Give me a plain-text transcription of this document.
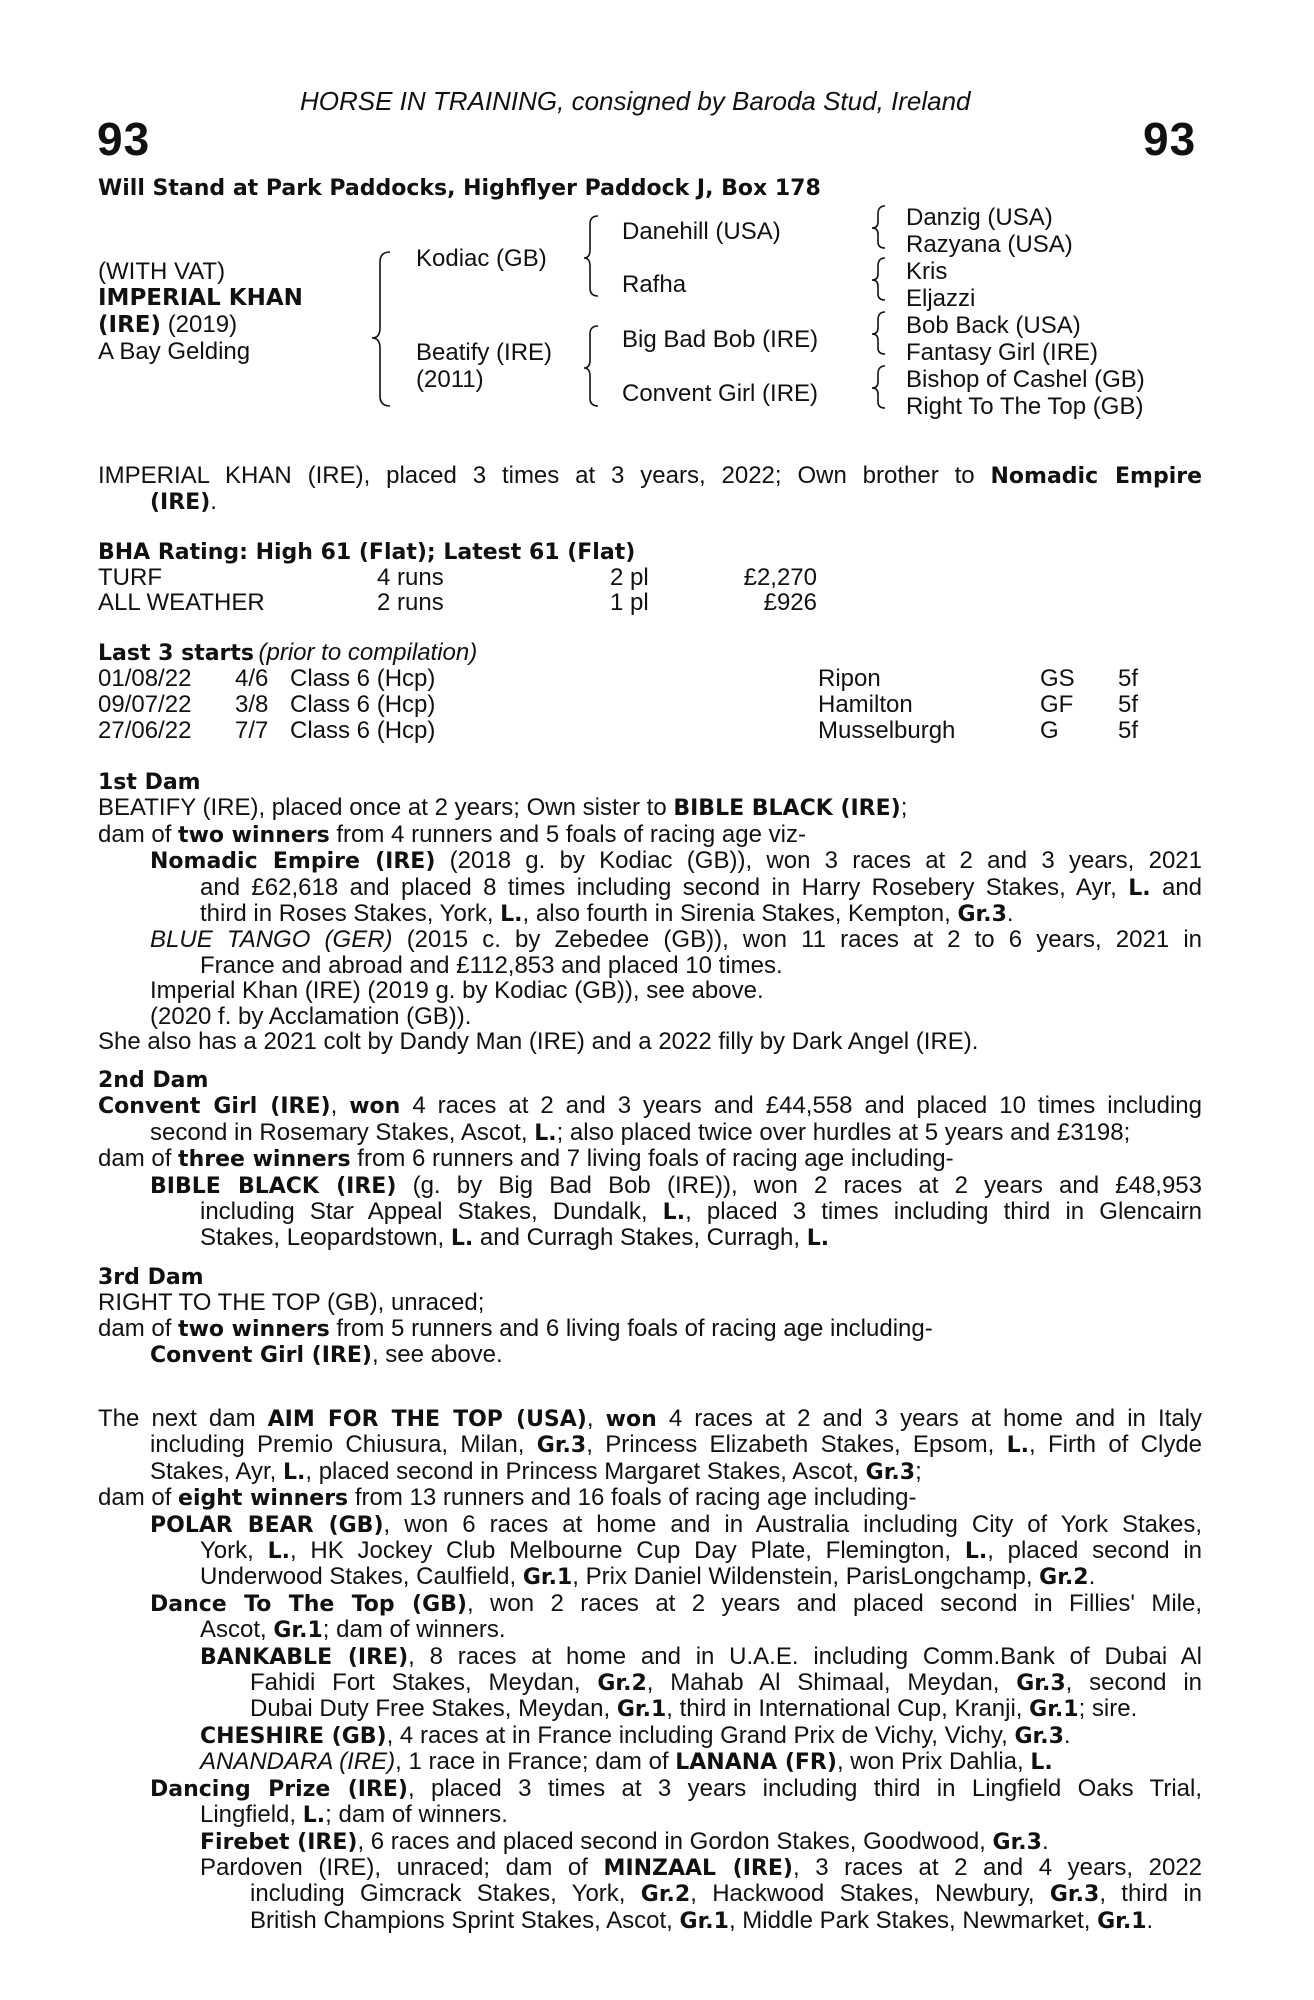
HORSE IN TRAINING, consigned by Baroda Stud, Ireland
93	93
Will Stand at Park Paddocks, Highflyer Paddock J, Box 178
(WITH VAT)
IMPERIAL KHAN
(IRE) (2019)
A Bay Gelding
Kodiac (GB)
Beatify (IRE)
(2011)
Danehill (USA)
Rafha
Big Bad Bob (IRE)
Convent Girl (IRE)
Danzig (USA)
Razyana (USA)
Kris
Eljazzi
Bob Back (USA)
Fantasy Girl (IRE)
Bishop of Cashel (GB)
Right To The Top (GB)
IMPERIAL KHAN (IRE), placed 3 times at 3 years, 2022; Own brother to Nomadic Empire
(IRE).
BHA Rating: High 61 (Flat); Latest 61 (Flat)
TURF	4 runs	2 pl	£2,270
ALL WEATHER	2 runs	1 pl	£926
Last 3 starts (prior to compilation)
01/08/22 4/6 Class 6 (Hcp)	Ripon	GS 5f
09/07/22 3/8 Class 6 (Hcp)	Hamilton	GF 5f
27/06/22 7/7 Class 6 (Hcp)	Musselburgh	G 5f
1st Dam
BEATIFY (IRE), placed once at 2 years; Own sister to BIBLE BLACK (IRE);
dam of two winners from 4 runners and 5 foals of racing age viz-
Nomadic Empire (IRE) (2018 g. by Kodiac (GB)), won 3 races at 2 and 3 years, 2021
and £62,618 and placed 8 times including second in Harry Rosebery Stakes, Ayr, L. and
third in Roses Stakes, York, L., also fourth in Sirenia Stakes, Kempton, Gr.3.
BLUE TANGO (GER) (2015 c. by Zebedee (GB)), won 11 races at 2 to 6 years, 2021 in
France and abroad and £112,853 and placed 10 times.
Imperial Khan (IRE) (2019 g. by Kodiac (GB)), see above.
(2020 f. by Acclamation (GB)).
She also has a 2021 colt by Dandy Man (IRE) and a 2022 filly by Dark Angel (IRE).
2nd Dam
Convent Girl (IRE), won 4 races at 2 and 3 years and £44,558 and placed 10 times including
second in Rosemary Stakes, Ascot, L.; also placed twice over hurdles at 5 years and £3198;
dam of three winners from 6 runners and 7 living foals of racing age including-
BIBLE BLACK (IRE) (g. by Big Bad Bob (IRE)), won 2 races at 2 years and £48,953
including Star Appeal Stakes, Dundalk, L., placed 3 times including third in Glencairn
Stakes, Leopardstown, L. and Curragh Stakes, Curragh, L.
3rd Dam
RIGHT TO THE TOP (GB), unraced;
dam of two winners from 5 runners and 6 living foals of racing age including-
Convent Girl (IRE), see above.
The next dam AIM FOR THE TOP (USA), won 4 races at 2 and 3 years at home and in Italy
including Premio Chiusura, Milan, Gr.3, Princess Elizabeth Stakes, Epsom, L., Firth of Clyde
Stakes, Ayr, L., placed second in Princess Margaret Stakes, Ascot, Gr.3;
dam of eight winners from 13 runners and 16 foals of racing age including-
POLAR BEAR (GB), won 6 races at home and in Australia including City of York Stakes,
York, L., HK Jockey Club Melbourne Cup Day Plate, Flemington, L., placed second in
Underwood Stakes, Caulfield, Gr.1, Prix Daniel Wildenstein, ParisLongchamp, Gr.2.
Dance To The Top (GB), won 2 races at 2 years and placed second in Fillies' Mile,
Ascot, Gr.1; dam of winners.
BANKABLE (IRE), 8 races at home and in U.A.E. including Comm.Bank of Dubai Al
Fahidi Fort Stakes, Meydan, Gr.2, Mahab Al Shimaal, Meydan, Gr.3, second in
Dubai Duty Free Stakes, Meydan, Gr.1, third in International Cup, Kranji, Gr.1; sire.
CHESHIRE (GB), 4 races at in France including Grand Prix de Vichy, Vichy, Gr.3.
ANANDARA (IRE), 1 race in France; dam of LANANA (FR), won Prix Dahlia, L.
Dancing Prize (IRE), placed 3 times at 3 years including third in Lingfield Oaks Trial,
Lingfield, L.; dam of winners.
Firebet (IRE), 6 races and placed second in Gordon Stakes, Goodwood, Gr.3.
Pardoven (IRE), unraced; dam of MINZAAL (IRE), 3 races at 2 and 4 years, 2022
including Gimcrack Stakes, York, Gr.2, Hackwood Stakes, Newbury, Gr.3, third in
British Champions Sprint Stakes, Ascot, Gr.1, Middle Park Stakes, Newmarket, Gr.1.
